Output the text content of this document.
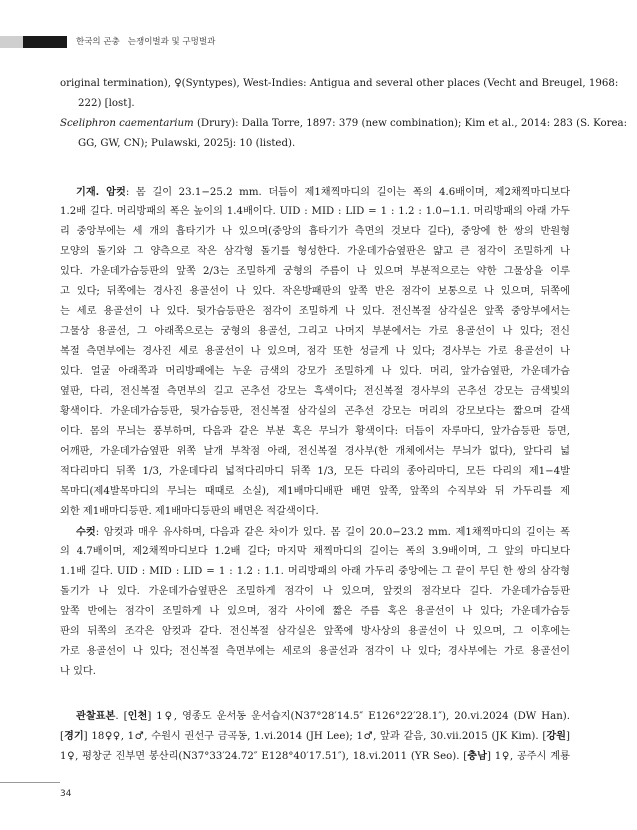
한국의 곤충 는쟁이벌과 및 구멍벌과
original termination), ♀(Syntypes), West-Indies: Antigua and several other places (Vecht and Breugel, 1968:
222) [lost].
Sceliphron caementarium (Drury): Dalla Torre, 1897: 379 (new combination); Kim et al., 2014: 283 (S. Korea:
GG, GW, CN); Pulawski, 2025j: 10 (listed).
기재. 암컷: 몸 길이 23.1−25.2 mm. 더듬이 제1채찍마디의 길이는 폭의 4.6배이며, 제2채찍마디보다
1.2배 길다. 머리방패의 폭은 높이의 1.4배이다. UID : MID : LID = 1 : 1.2 : 1.0−1.1. 머리방패의 아래 가두
리 중앙부에는 세 개의 흡타기가 나 있으며(중앙의 흡타기가 측면의 것보다 길다), 중앙에 한 쌍의 반원형
모양의 돌기와 그 양측으로 작은 삼각형 돌기를 형성한다. 가운데가슴옆판은 얇고 큰 점각이 조밀하게 나
있다. 가운데가슴등판의 앞쪽 2/3는 조밀하게 궁형의 주름이 나 있으며 부분적으로는 약한 그물상을 이루
고 있다; 뒤쪽에는 경사진 용골선이 나 있다. 작은방패판의 앞쪽 반은 점각이 보통으로 나 있으며, 뒤쪽에
는 세로 용골선이 나 있다. 뒷가슴등판은 점각이 조밀하게 나 있다. 전신복절 삼각실은 앞쪽 중앙부에서는
그물상 용골선, 그 아래쪽으로는 궁형의 용골선, 그리고 나머지 부분에서는 가로 용골선이 나 있다; 전신
복절 측면부에는 경사진 세로 용골선이 나 있으며, 점각 또한 성글게 나 있다; 경사부는 가로 용골선이 나
있다. 얼굴 아래쪽과 머리방패에는 누운 금색의 강모가 조밀하게 나 있다. 머리, 앞가슴옆판, 가운데가슴
옆판, 다리, 전신복절 측면부의 길고 곤추선 강모는 흑색이다; 전신복절 경사부의 곤추선 강모는 금색빛의
황색이다. 가운데가슴등판, 뒷가슴등판, 전신복절 삼각실의 곤추선 강모는 머리의 강모보다는 짧으며 갈색
이다. 몸의 무늬는 풍부하며, 다음과 같은 부분 혹은 무늬가 황색이다: 더듬이 자루마디, 앞가슴등판 등면,
어깨판, 가운데가슴옆판 위쪽 날개 부착점 아래, 전신복절 경사부(한 개체에서는 무늬가 없다), 앞다리 넓
적다리마디 뒤쪽 1/3, 가운데다리 넓적다리마디 뒤쪽 1/3, 모든 다리의 종아리마디, 모든 다리의 제1−4발
목마디(제4발목마디의 무늬는 때때로 소실), 제1배마디배판 배면 앞쪽, 앞쪽의 수직부와 뒤 가두리를 제
외한 제1배마디등판. 제1배마디등판의 배면은 적갈색이다.
수컷: 암컷과 매우 유사하며, 다음과 같은 차이가 있다. 몸 길이 20.0−23.2 mm. 제1채찍마디의 길이는 폭
의 4.7배이며, 제2채찍마디보다 1.2배 길다; 마지막 채찍마디의 길이는 폭의 3.9배이며, 그 앞의 마디보다
1.1배 길다. UID : MID : LID = 1 : 1.2 : 1.1. 머리방패의 아래 가두리 중앙에는 그 끝이 무딘 한 쌍의 삼각형
돌기가 나 있다. 가운데가슴옆판은 조밀하게 점각이 나 있으며, 앞컷의 점각보다 길다. 가운데가슴등판
앞쪽 반에는 점각이 조밀하게 나 있으며, 점각 사이에 짧은 주름 혹은 용골선이 나 있다; 가운데가슴등
판의 뒤쪽의 조각은 암컷과 같다. 전신복절 삼각실은 앞쪽에 방사상의 용골선이 나 있으며, 그 이후에는
가로 용골선이 나 있다; 전신복절 측면부에는 세로의 용골선과 점각이 나 있다; 경사부에는 가로 용골선이
나 있다.
관찰표본. [인천] 1♀, 영종도 운서동 운서습지(N37°28′14.5″ E126°22′28.1″), 20.vi.2024 (DW Han).
[경기] 18♀♀, 1♂, 수원시 권선구 금곡동, 1.vi.2014 (JH Lee); 1♂, 앞과 같음, 30.vii.2015 (JK Kim). [강원]
1♀, 평창군 진부면 봉산리(N37°33′24.72″ E128°40′17.51″), 18.vi.2011 (YR Seo). [충남] 1♀, 공주시 계룡
34
